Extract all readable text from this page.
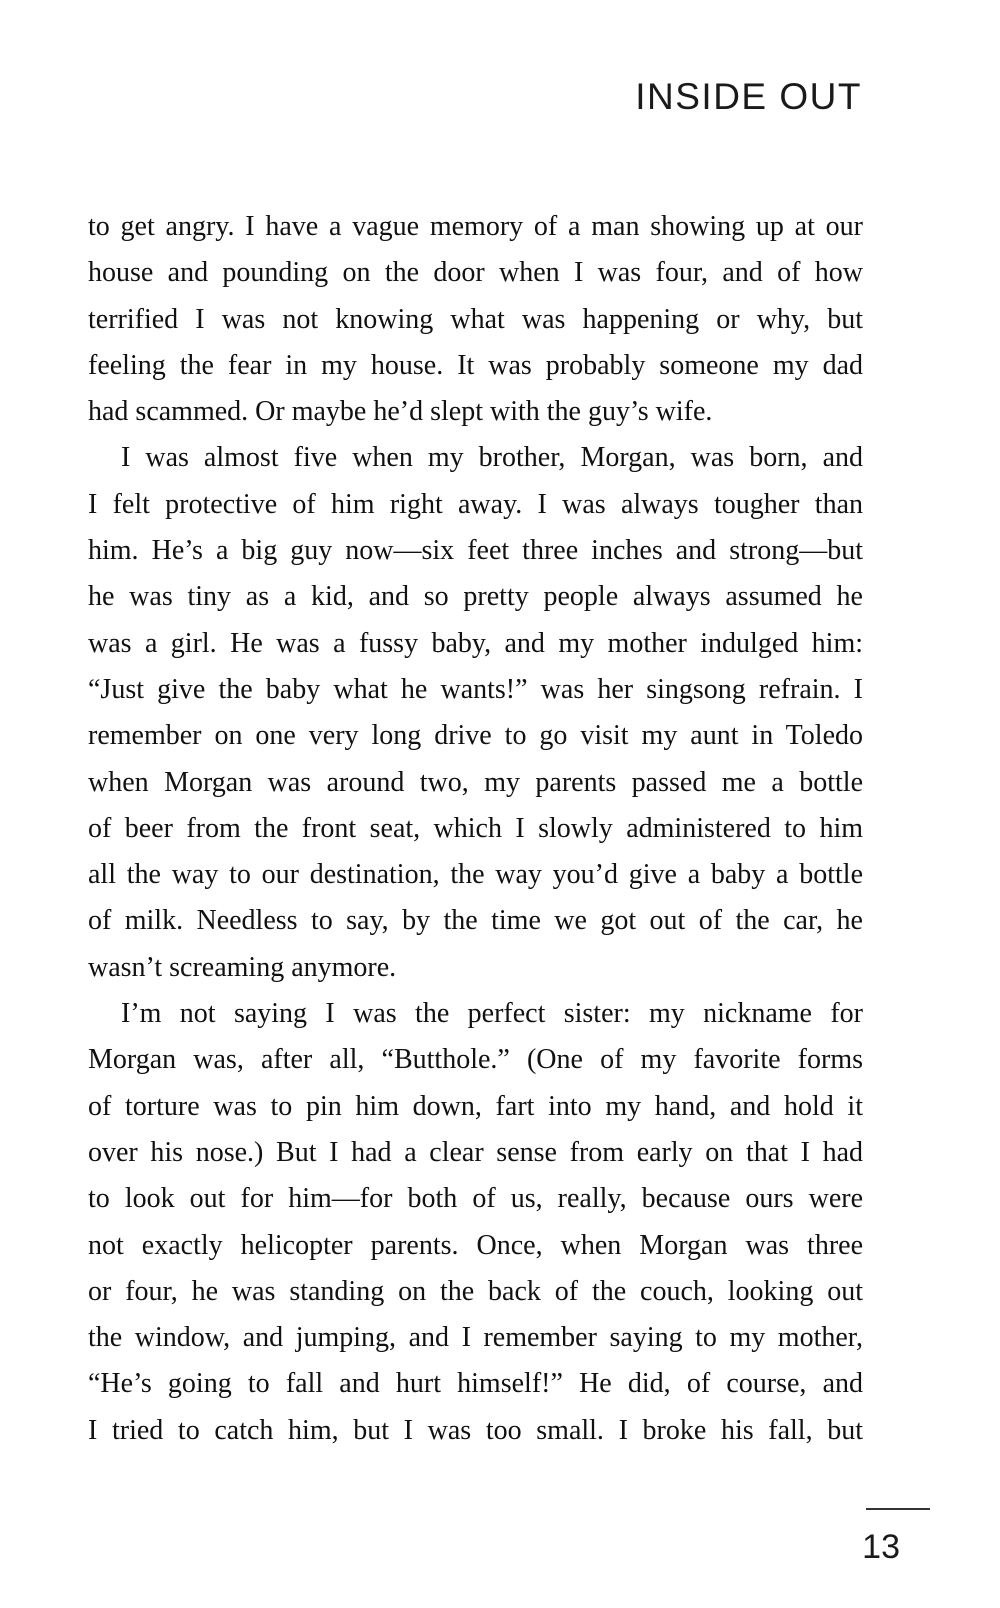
INSIDE OUT
to get angry. I have a vague memory of a man showing up at our
house and pounding on the door when I was four, and of how
terrified I was not knowing what was happening or why, but
feeling the fear in my house. It was probably someone my dad
had scammed. Or maybe he’d slept with the guy’s wife.
I was almost five when my brother, Morgan, was born, and
I felt protective of him right away. I was always tougher than
him. He’s a big guy now—six feet three inches and strong—but
he was tiny as a kid, and so pretty people always assumed he
was a girl. He was a fussy baby, and my mother indulged him:
“Just give the baby what he wants!” was her singsong refrain. I
remember on one very long drive to go visit my aunt in Toledo
when Morgan was around two, my parents passed me a bottle
of beer from the front seat, which I slowly administered to him
all the way to our destination, the way you’d give a baby a bottle
of milk. Needless to say, by the time we got out of the car, he
wasn’t screaming anymore.
I’m not saying I was the perfect sister: my nickname for
Morgan was, after all, “Butthole.” (One of my favorite forms
of torture was to pin him down, fart into my hand, and hold it
over his nose.) But I had a clear sense from early on that I had
to look out for him—for both of us, really, because ours were
not exactly helicopter parents. Once, when Morgan was three
or four, he was standing on the back of the couch, looking out
the window, and jumping, and I remember saying to my mother,
“He’s going to fall and hurt himself!” He did, of course, and
I tried to catch him, but I was too small. I broke his fall, but
13
